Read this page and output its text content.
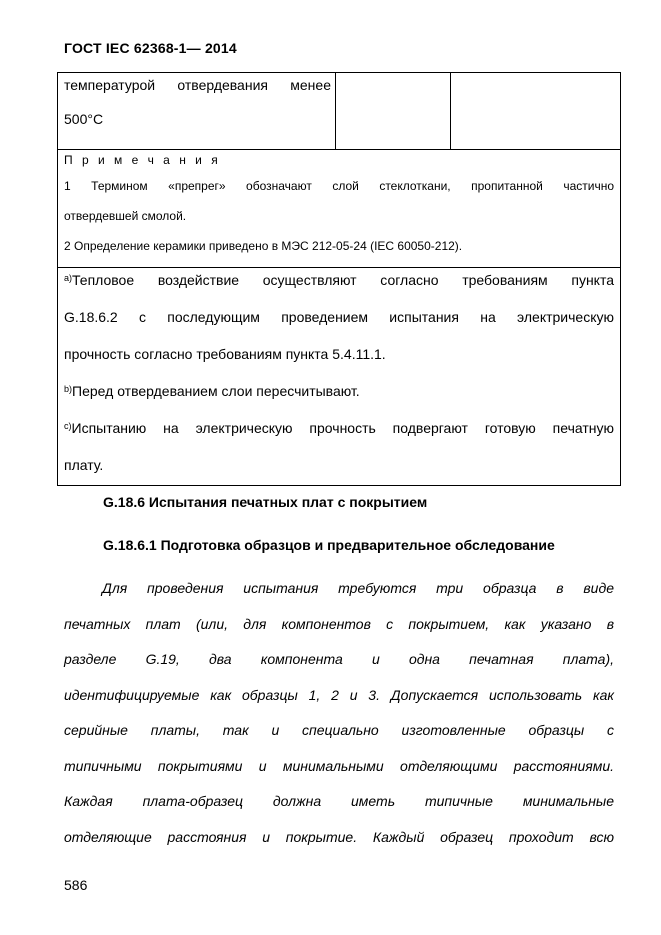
ГОСТ IEC 62368-1— 2014
температурой отвердевания менее
500°C
П р и м е ч а н и я
1 Термином «препрег» обозначают слой стеклоткани, пропитанной частично
отвердевшей смолой.
2 Определение керамики приведено в МЭС 212-05-24 (IEC 60050-212).
$^{a)}$Тепловое воздействие осуществляют согласно требованиям пункта
G.18.6.2 с последующим проведением испытания на электрическую
прочность согласно требованиям пункта 5.4.11.1.
$^{b)}$Перед отвердеванием слои пересчитывают.
$^{c)}$Испытанию на электрическую прочность подвергают готовую печатную
плату.
G.18.6 Испытания печатных плат с покрытием
G.18.6.1 Подготовка образцов и предварительное обследование
Для проведения испытания требуются три образца в виде
печатных плат (или, для компонентов с покрытием, как указано в
разделе G.19, два компонента и одна печатная плата),
идентифицируемые как образцы 1, 2 и 3. Допускается использовать как
серийные платы, так и специально изготовленные образцы с
типичными покрытиями и минимальными отделяющими расстояниями.
Каждая плата-образец должна иметь типичные минимальные
отделяющие расстояния и покрытие. Каждый образец проходит всю
586
